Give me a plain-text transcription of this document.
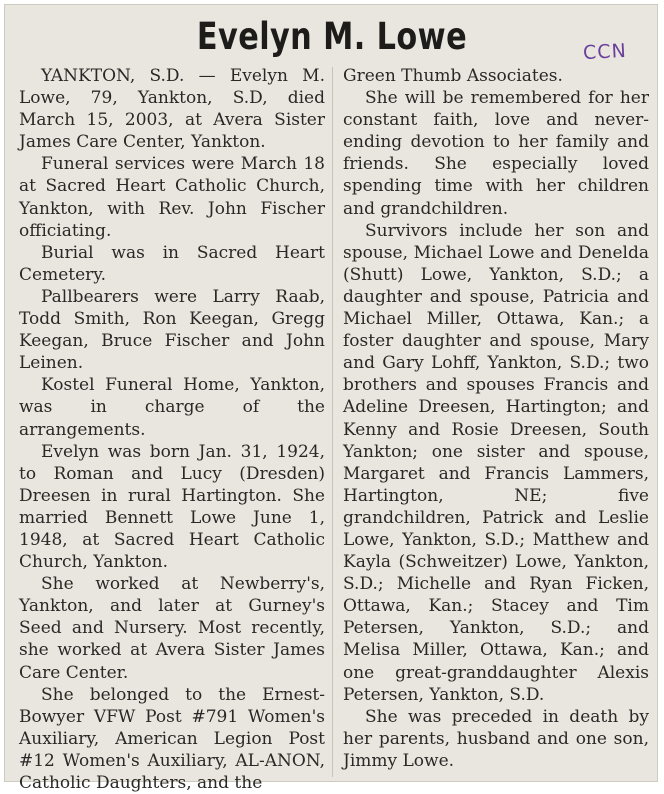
Evelyn M. Lowe	CCN

YANKTON, S.D. — Evelyn M. Lowe, 79, Yankton, S.D, died March 15, 2003, at Avera Sister James Care Center, Yankton.

Funeral services were March 18 at Sacred Heart Catholic Church, Yankton, with Rev. John Fischer officiating.

Burial was in Sacred Heart Cemetery.

Pallbearers were Larry Raab, Todd Smith, Ron Keegan, Gregg Keegan, Bruce Fischer and John Leinen.

Kostel Funeral Home, Yankton, was in charge of the arrangements.

Evelyn was born Jan. 31, 1924, to Roman and Lucy (Dresden) Dreesen in rural Hartington. She married Bennett Lowe June 1, 1948, at Sacred Heart Catholic Church, Yankton.

She worked at Newberry's, Yankton, and later at Gurney's Seed and Nursery. Most recently, she worked at Avera Sister James Care Center.

She belonged to the Ernest-Bowyer VFW Post #791 Women's Auxiliary, American Legion Post #12 Women's Auxiliary, AL-ANON, Catholic Daughters, and the

Green Thumb Associates.

She will be remembered for her constant faith, love and never-ending devotion to her family and friends. She especially loved spending time with her children and grandchildren.

Survivors include her son and spouse, Michael Lowe and Denelda (Shutt) Lowe, Yankton, S.D.; a daughter and spouse, Patricia and Michael Miller, Ottawa, Kan.; a foster daughter and spouse, Mary and Gary Lohff, Yankton, S.D.; two brothers and spouses Francis and Adeline Dreesen, Hartington; and Kenny and Rosie Dreesen, South Yankton; one sister and spouse, Margaret and Francis Lammers, Hartington, NE; five grandchildren, Patrick and Leslie Lowe, Yankton, S.D.; Matthew and Kayla (Schweitzer) Lowe, Yankton, S.D.; Michelle and Ryan Ficken, Ottawa, Kan.; Stacey and Tim Petersen, Yankton, S.D.; and Melisa Miller, Ottawa, Kan.; and one great-granddaughter Alexis Petersen, Yankton, S.D.

She was preceded in death by her parents, husband and one son, Jimmy Lowe.
